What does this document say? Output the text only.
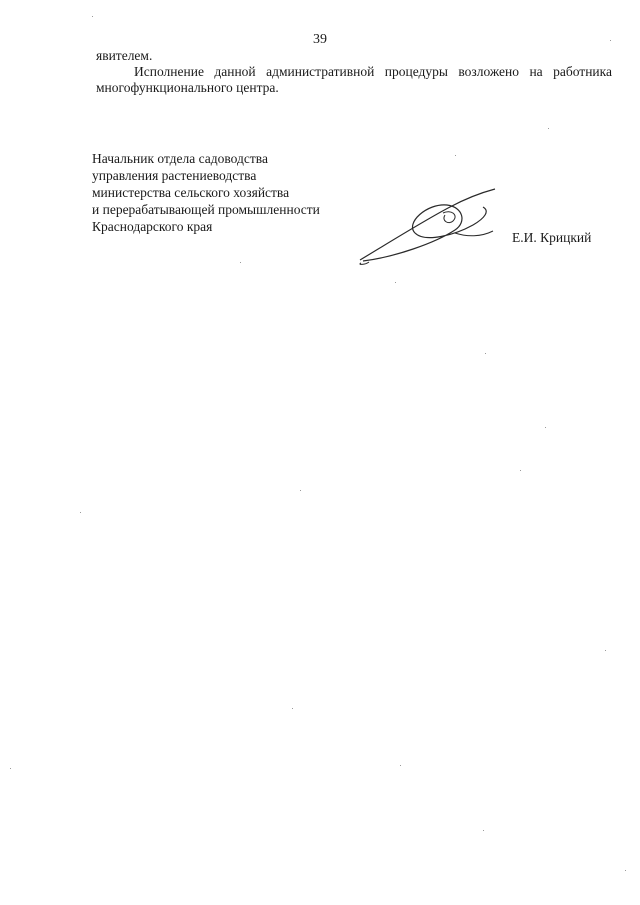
39

явителем.

Исполнение данной административной процедуры возложено на работника многофункционального центра.

Начальник отдела садоводства
управления растениеводства
министерства сельского хозяйства
и перерабатывающей промышленности
Краснодарского края
Е.И. Крицкий
